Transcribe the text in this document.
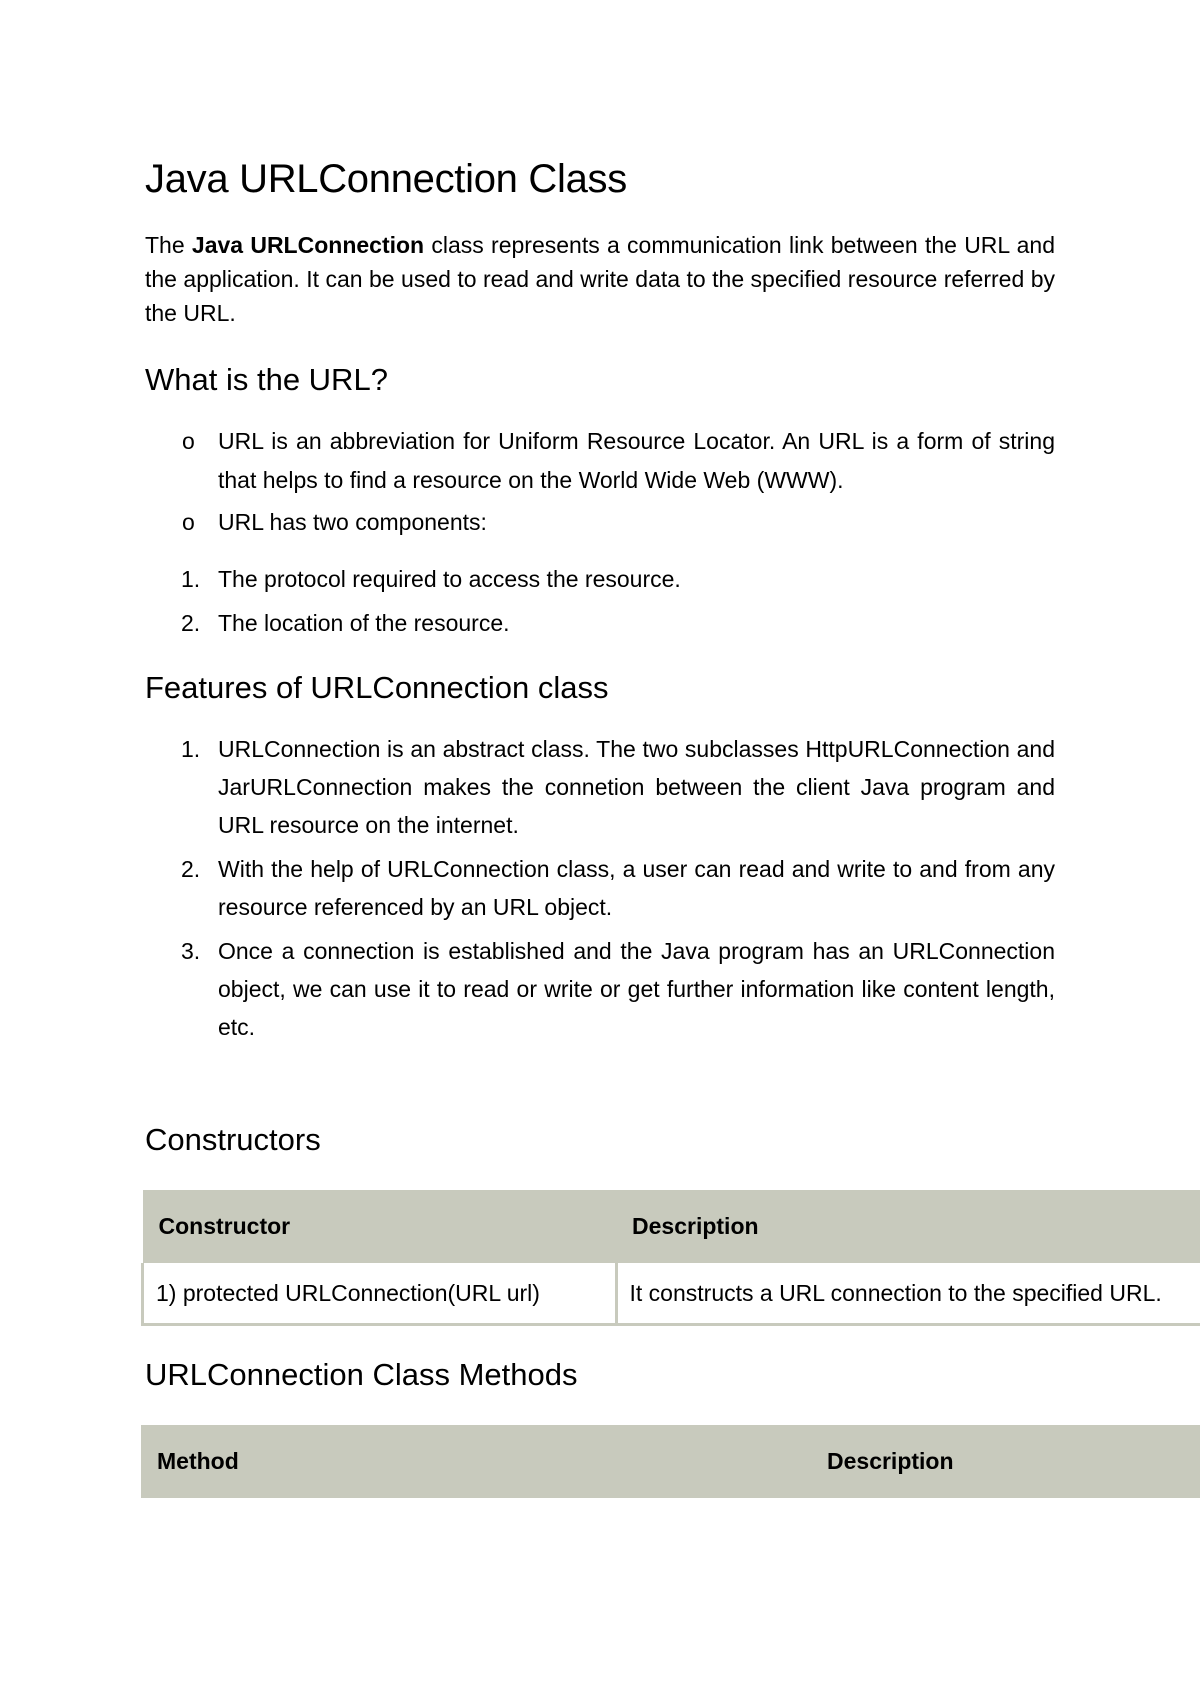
Java URLConnection Class

The Java URLConnection class represents a communication link between the URL and the application. It can be used to read and write data to the specified resource referred by the URL.

What is the URL?
o URL is an abbreviation for Uniform Resource Locator. An URL is a form of string that helps to find a resource on the World Wide Web (WWW).
o URL has two components:
1. The protocol required to access the resource.
2. The location of the resource.
Features of URLConnection class
1. URLConnection is an abstract class. The two subclasses HttpURLConnection and JarURLConnection makes the connetion between the client Java program and URL resource on the internet.
2. With the help of URLConnection class, a user can read and write to and from any resource referenced by an URL object.
3. Once a connection is established and the Java program has an URLConnection object, we can use it to read or write or get further information like content length, etc.
Constructors
Constructor	Description
1) protected URLConnection(URL url)	It constructs a URL connection to the specified URL.
URLConnection Class Methods
Method	Description
